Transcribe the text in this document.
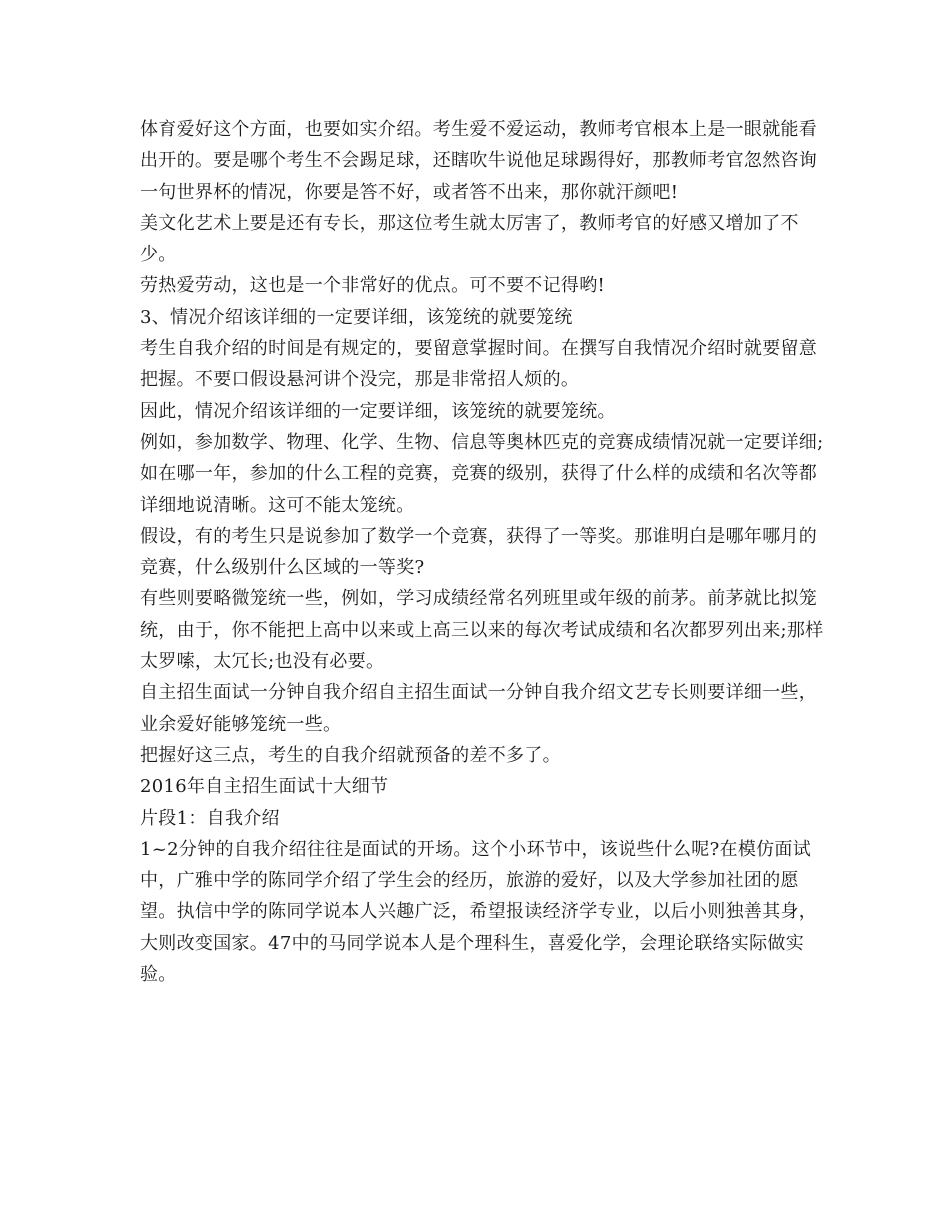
体育爱好这个方面，也要如实介绍。考生爱不爱运动，教师考官根本上是一眼就能看出开的。要是哪个考生不会踢足球，还瞎吹牛说他足球踢得好，那教师考官忽然咨询一句世界杯的情况，你要是答不好，或者答不出来，那你就汗颜吧!

美文化艺术上要是还有专长，那这位考生就太厉害了，教师考官的好感又增加了不少。

劳热爱劳动，这也是一个非常好的优点。可不要不记得哟!

3、情况介绍该详细的一定要详细，该笼统的就要笼统

考生自我介绍的时间是有规定的，要留意掌握时间。在撰写自我情况介绍时就要留意把握。不要口假设悬河讲个没完，那是非常招人烦的。

因此，情况介绍该详细的一定要详细，该笼统的就要笼统。

例如，参加数学、物理、化学、生物、信息等奥林匹克的竞赛成绩情况就一定要详细;如在哪一年，参加的什么工程的竞赛，竞赛的级别，获得了什么样的成绩和名次等都详细地说清晰。这可不能太笼统。

假设，有的考生只是说参加了数学一个竞赛，获得了一等奖。那谁明白是哪年哪月的竞赛，什么级别什么区域的一等奖?

有些则要略微笼统一些，例如，学习成绩经常名列班里或年级的前茅。前茅就比拟笼统，由于，你不能把上高中以来或上高三以来的每次考试成绩和名次都罗列出来;那样太罗嗦，太冗长;也没有必要。

自主招生面试一分钟自我介绍自主招生面试一分钟自我介绍文艺专长则要详细一些，业余爱好能够笼统一些。

把握好这三点，考生的自我介绍就预备的差不多了。

2016年自主招生面试十大细节

片段1：自我介绍

1~2分钟的自我介绍往往是面试的开场。这个小环节中，该说些什么呢?在模仿面试中，广雅中学的陈同学介绍了学生会的经历，旅游的爱好，以及大学参加社团的愿望。执信中学的陈同学说本人兴趣广泛，希望报读经济学专业，以后小则独善其身，大则改变国家。47中的马同学说本人是个理科生，喜爱化学，会理论联络实际做实验。
